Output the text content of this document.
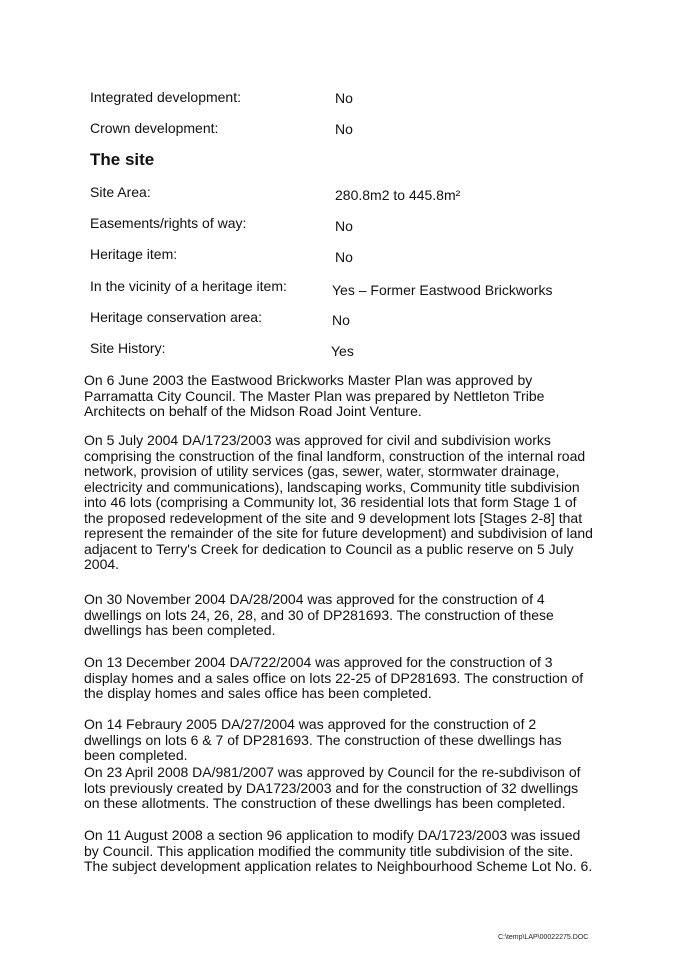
Integrated development:	No
Crown development:	No
The site
Site Area:	280.8m2 to 445.8m²
Easements/rights of way:	No
Heritage item:	No
In the vicinity of a heritage item:	Yes – Former Eastwood Brickworks
Heritage conservation area:	No
Site History:	Yes

On 6 June 2003 the Eastwood Brickworks Master Plan was approved by Parramatta City Council. The Master Plan was prepared by Nettleton Tribe Architects on behalf of the Midson Road Joint Venture.

On 5 July 2004 DA/1723/2003 was approved for civil and subdivision works comprising the construction of the final landform, construction of the internal road network, provision of utility services (gas, sewer, water, stormwater drainage, electricity and communications), landscaping works, Community title subdivision into 46 lots (comprising a Community lot, 36 residential lots that form Stage 1 of the proposed redevelopment of the site and 9 development lots [Stages 2-8] that represent the remainder of the site for future development) and subdivision of land adjacent to Terry's Creek for dedication to Council as a public reserve on 5 July 2004.

On 30 November 2004 DA/28/2004 was approved for the construction of 4 dwellings on lots 24, 26, 28, and 30 of DP281693. The construction of these dwellings has been completed.

On 13 December 2004 DA/722/2004 was approved for the construction of 3 display homes and a sales office on lots 22-25 of DP281693. The construction of the display homes and sales office has been completed.

On 14 Febraury 2005 DA/27/2004 was approved for the construction of 2 dwellings on lots 6 & 7 of DP281693. The construction of these dwellings has been completed.

On 23 April 2008 DA/981/2007 was approved by Council for the re-subdivison of lots previously created by DA1723/2003 and for the construction of 32 dwellings on these allotments. The construction of these dwellings has been completed.

On 11 August 2008 a section 96 application to modify DA/1723/2003 was issued by Council. This application modified the community title subdivision of the site. The subject development application relates to Neighbourhood Scheme Lot No. 6.

C:\temp\LAP\00022275.DOC
